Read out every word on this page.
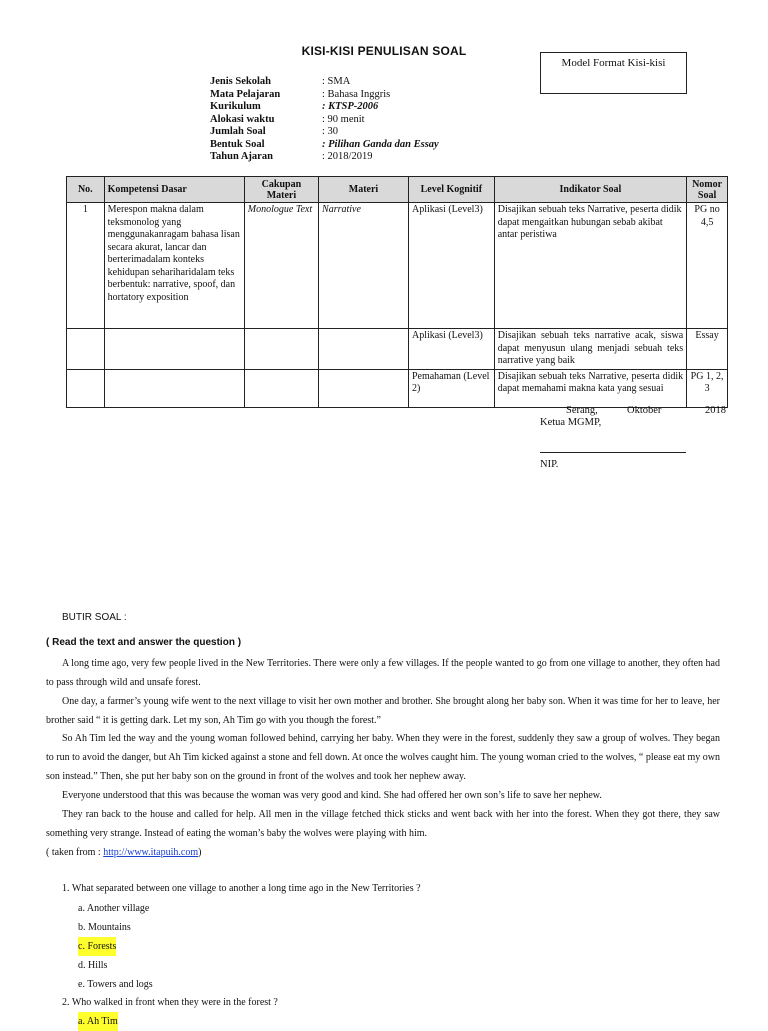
KISI-KISI PENULISAN SOAL
Model Format Kisi-kisi
Jenis Sekolah	: SMA
Mata Pelajaran	: Bahasa Inggris
Kurikulum	: KTSP-2006
Alokasi waktu	: 90 menit
Jumlah Soal	: 30
Bentuk Soal	: Pilihan Ganda dan Essay
Tahun Ajaran	: 2018/2019
No.	Kompetensi Dasar	Cakupan Materi	Materi	Level Kognitif	Indikator Soal	Nomor Soal
1	Merespon makna dalam teksmonolog yang menggunakanragam bahasa lisan secara akurat, lancar dan berterimadalam konteks kehidupan sehariharidalam teks berbentuk: narrative, spoof, dan hortatory exposition	Monologue Text	Narrative	Aplikasi (Level3)	Disajikan sebuah teks Narrative, peserta didik dapat mengaitkan hubungan sebab akibat antar peristiwa	PG no 4,5
				Aplikasi (Level3)	Disajikan sebuah teks narrative acak, siswa dapat menyusun ulang menjadi sebuah teks narrative yang baik	Essay
				Pemahaman (Level 2)	Disajikan sebuah teks Narrative, peserta didik dapat memahami makna kata yang sesuai	PG 1, 2, 3
Serang,	Oktober	2018
Ketua MGMP,
NIP.
BUTIR SOAL :
( Read the text and answer the question )

A long time ago, very few people lived in the New Territories. There were only a few villages. If the people wanted to go from one village to another, they often had to pass through wild and unsafe forest.

One day, a farmer’s young wife went to the next village to visit her own mother and brother. She brought along her baby son. When it was time for her to leave, her brother said “ it is getting dark. Let my son, Ah Tim go with you though the forest.”

So Ah Tim led the way and the young woman followed behind, carrying her baby. When they were in the forest, suddenly they saw a group of wolves. They began to run to avoid the danger, but Ah Tim kicked against a stone and fell down. At once the wolves caught him. The young woman cried to the wolves, “ please eat my own son instead.” Then, she put her baby son on the ground in front of the wolves and took her nephew away.

Everyone understood that this was because the woman was very good and kind. She had offered her own son’s life to save her nephew.

They ran back to the house and called for help. All men in the village fetched thick sticks and went back with her into the forest. When they got there, they saw something very strange. Instead of eating the woman’s baby the wolves were playing with him.

( taken from : http://www.itapuih.com)
1. What separated between one village to another a long time ago in the New Territories ?
a. Another village
b. Mountains
c. Forests
d. Hills
e. Towers and logs
2. Who walked in front when they were in the forest ?
a. Ah Tim
